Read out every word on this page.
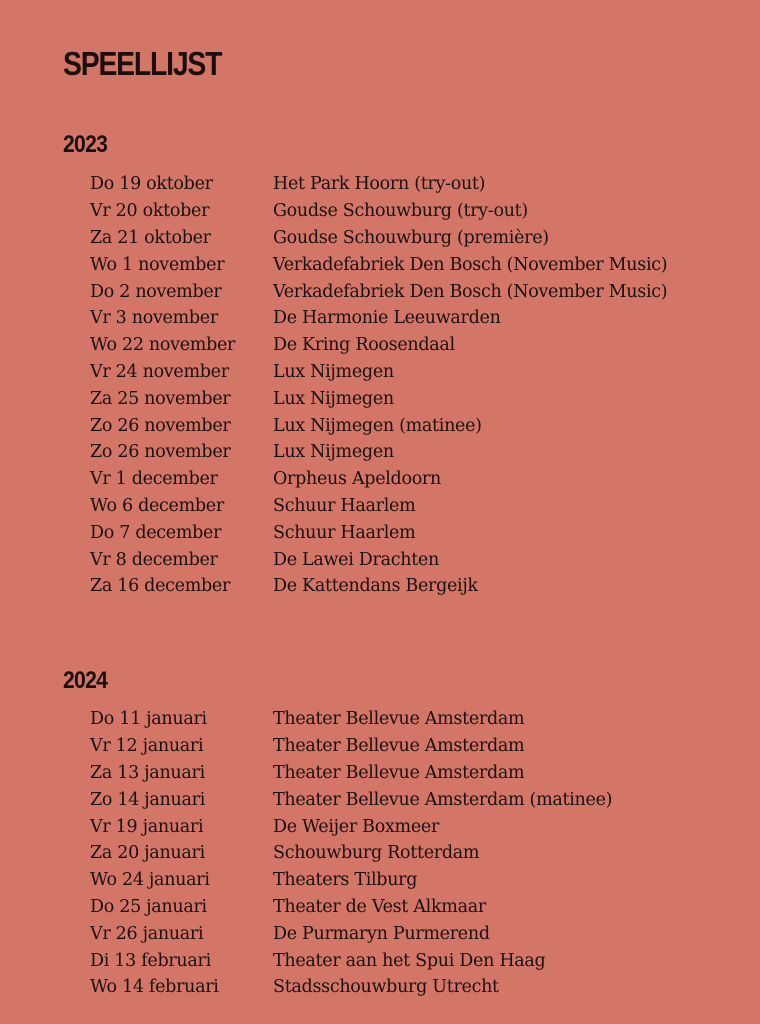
SPEELLIJST
2023
Do 19 oktober	Het Park Hoorn (try-out)
Vr 20 oktober	Goudse Schouwburg (try-out)
Za 21 oktober	Goudse Schouwburg (première)
Wo 1 november	Verkadefabriek Den Bosch (November Music)
Do 2 november	Verkadefabriek Den Bosch (November Music)
Vr 3 november	De Harmonie Leeuwarden
Wo 22 november	De Kring Roosendaal
Vr 24 november	Lux Nijmegen
Za 25 november	Lux Nijmegen
Zo 26 november	Lux Nijmegen (matinee)
Zo 26 november	Lux Nijmegen
Vr 1 december	Orpheus Apeldoorn
Wo 6 december	Schuur Haarlem
Do 7 december	Schuur Haarlem
Vr 8 december	De Lawei Drachten
Za 16 december	De Kattendans Bergeijk
2024
Do 11 januari	Theater Bellevue Amsterdam
Vr 12 januari	Theater Bellevue Amsterdam
Za 13 januari	Theater Bellevue Amsterdam
Zo 14 januari	Theater Bellevue Amsterdam (matinee)
Vr 19 januari	De Weijer Boxmeer
Za 20 januari	Schouwburg Rotterdam
Wo 24 januari	Theaters Tilburg
Do 25 januari	Theater de Vest Alkmaar
Vr 26 januari	De Purmaryn Purmerend
Di 13 februari	Theater aan het Spui Den Haag
Wo 14 februari	Stadsschouwburg Utrecht
